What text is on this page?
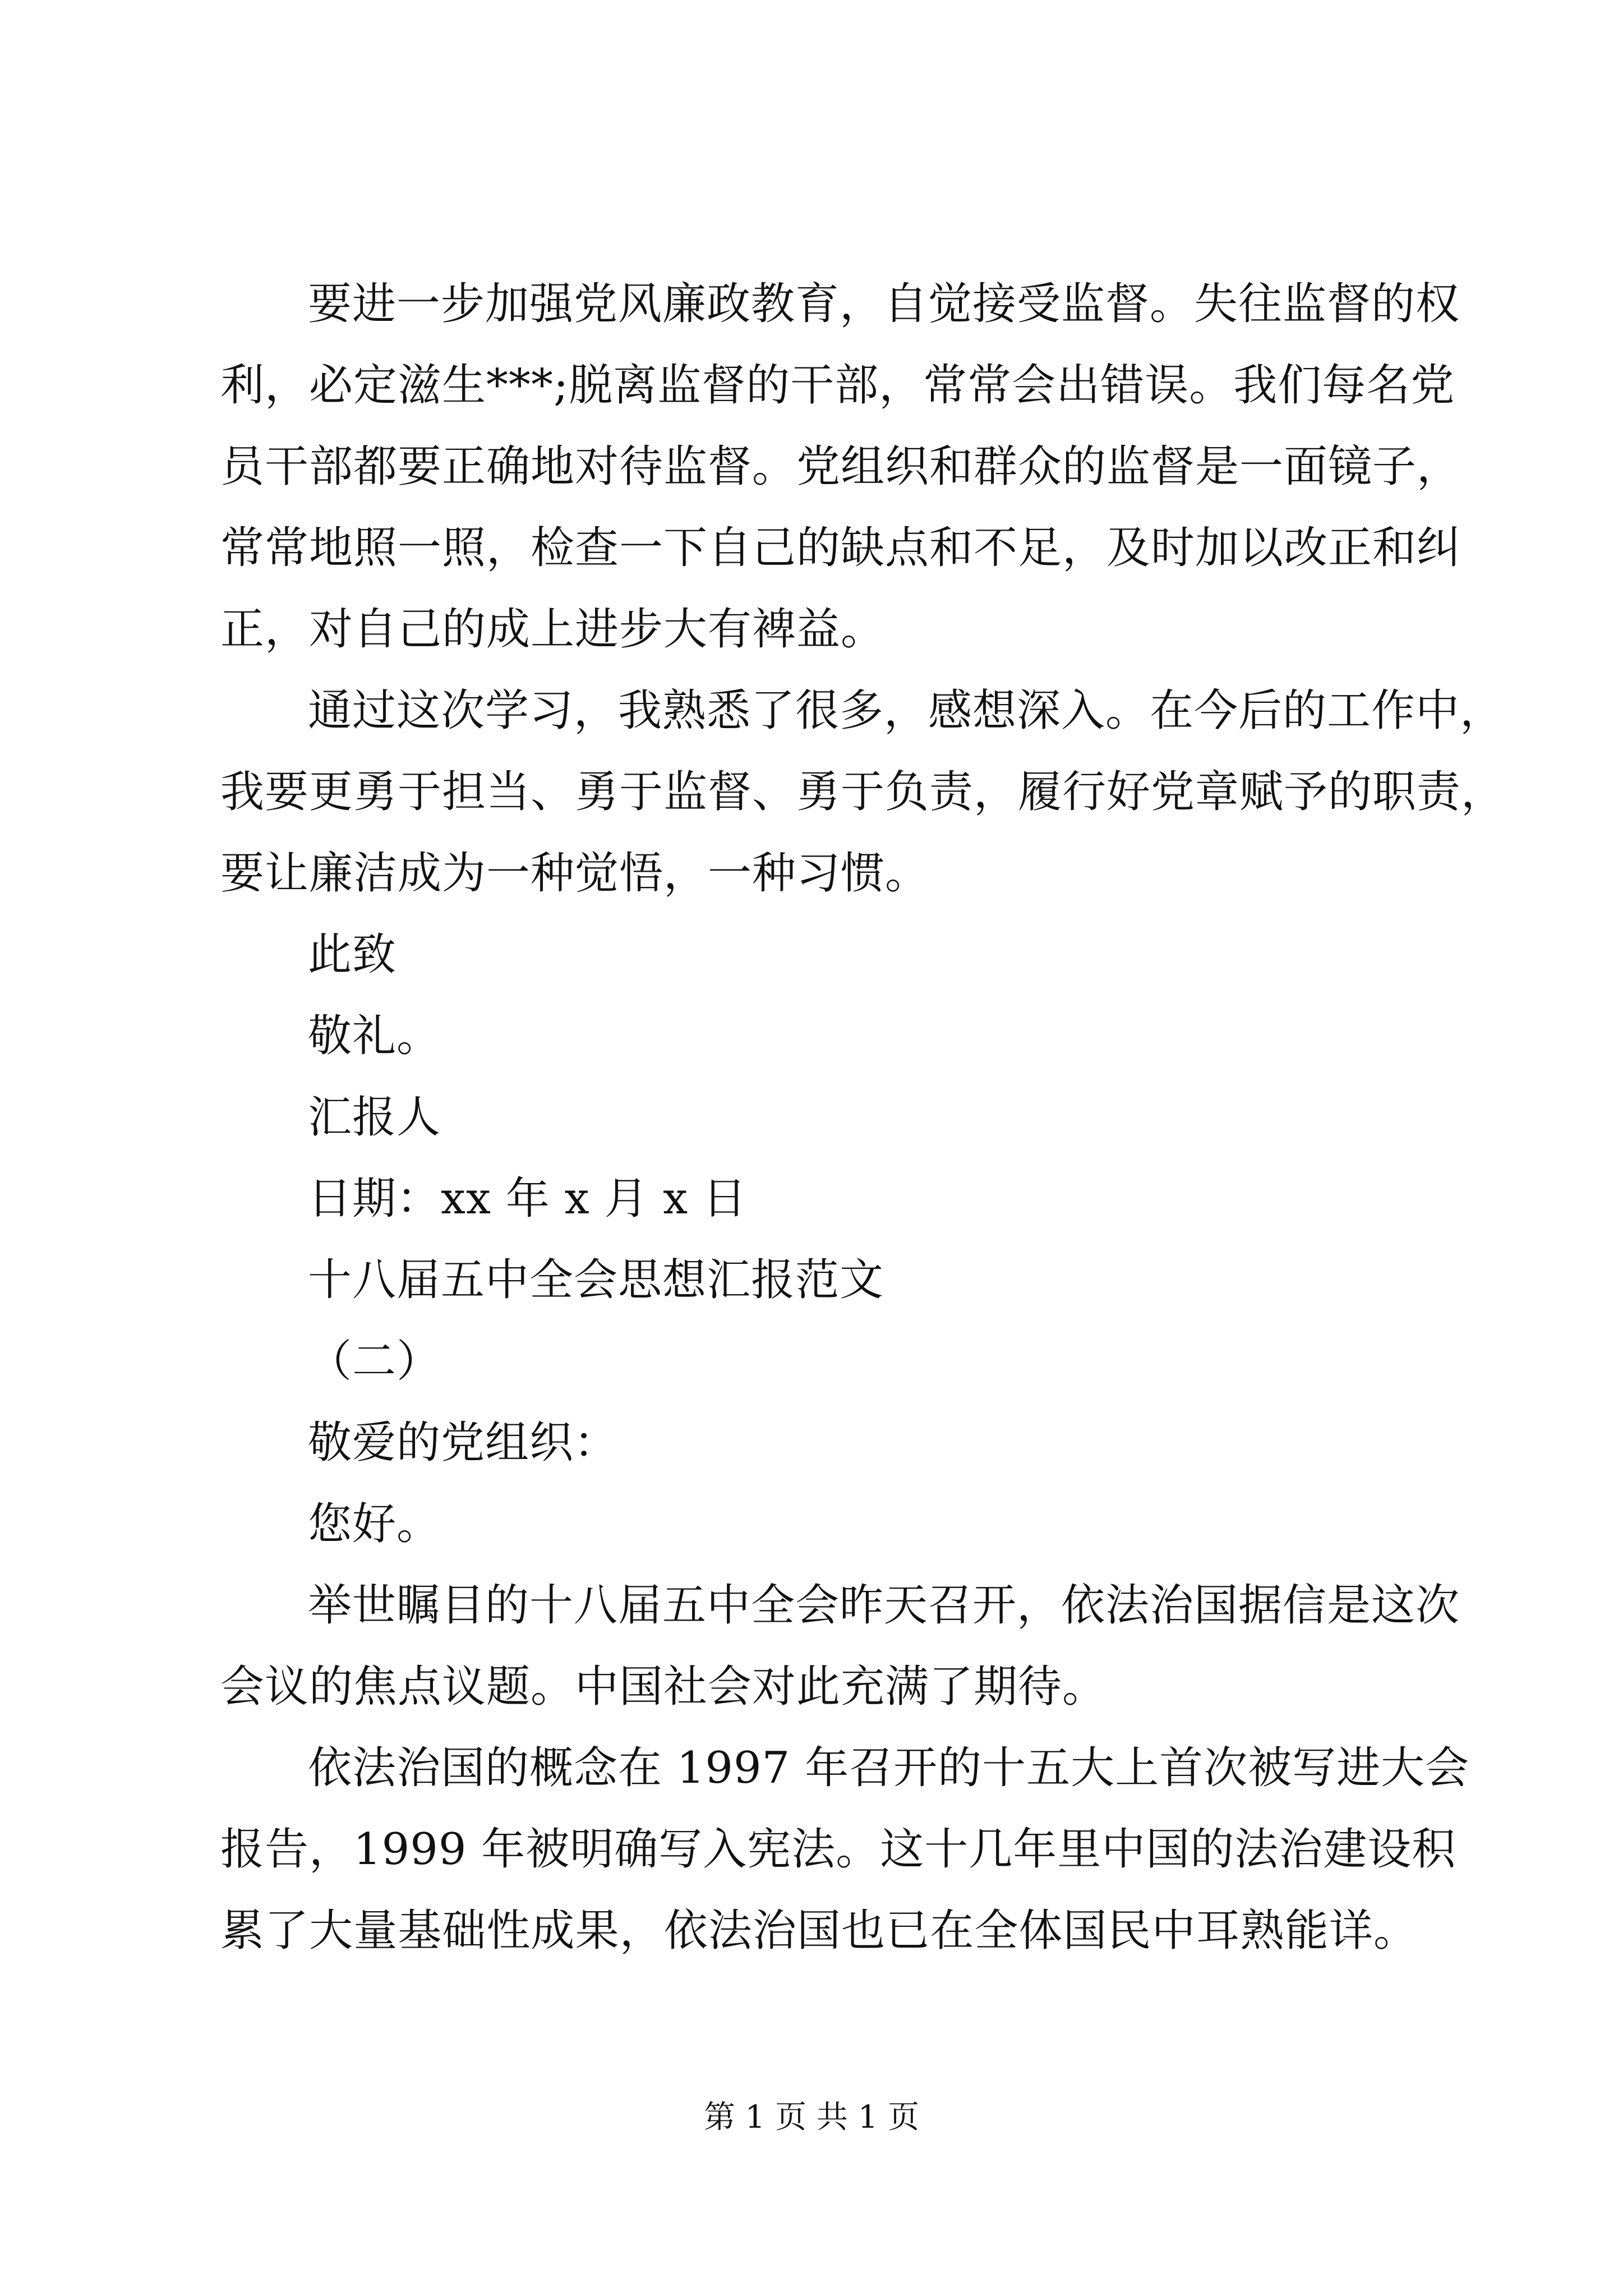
要进一步加强党风廉政教育，自觉接受监督。失往监督的权
利，必定滋生***;脱离监督的干部，常常会出错误。我们每名党
员干部都要正确地对待监督。党组织和群众的监督是一面镜子，
常常地照一照，检查一下自己的缺点和不足，及时加以改正和纠
正，对自己的成上进步大有裨益。
通过这次学习，我熟悉了很多，感想深入。在今后的工作中，
我要更勇于担当、勇于监督、勇于负责，履行好党章赋予的职责，
要让廉洁成为一种觉悟，一种习惯。
此致
敬礼。
汇报人
日期：xx 年 x 月 x 日
十八届五中全会思想汇报范文
（二）
敬爱的党组织：
您好。
举世瞩目的十八届五中全会昨天召开，依法治国据信是这次
会议的焦点议题。中国社会对此充满了期待。
依法治国的概念在 1997 年召开的十五大上首次被写进大会
报告，1999 年被明确写入宪法。这十几年里中国的法治建设积
累了大量基础性成果，依法治国也已在全体国民中耳熟能详。
第 1 页 共 1 页
